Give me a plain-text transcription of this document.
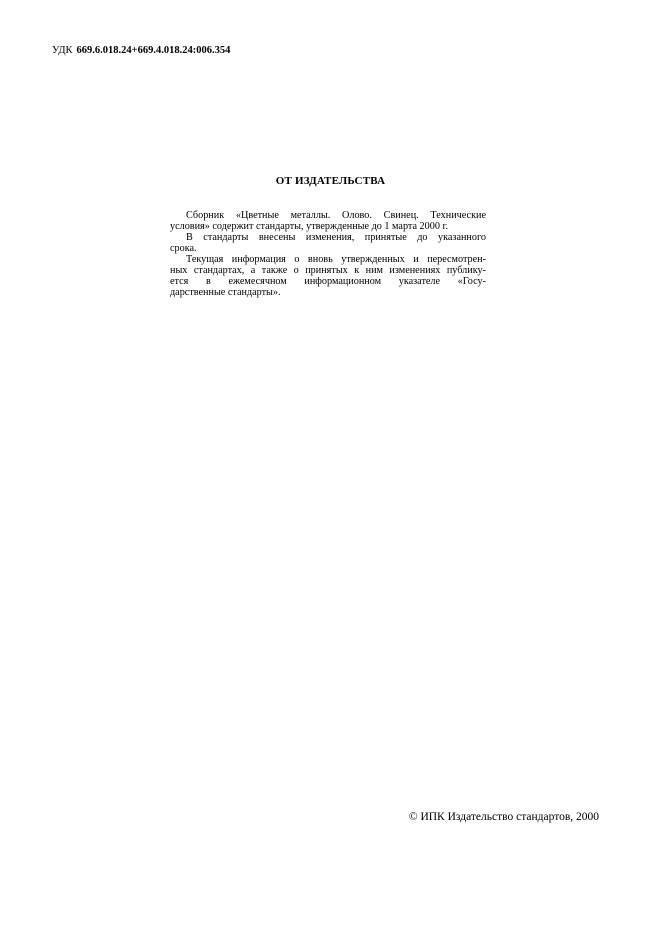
УДК 669.6.018.24+669.4.018.24:006.354
ОТ ИЗДАТЕЛЬСТВА
Сборник «Цветные металлы. Олово. Свинец. Технические
условия» содержит стандарты, утвержденные до 1 марта 2000 г.
В стандарты внесены изменения, принятые до указанного
срока.
Текущая информация о вновь утвержденных и пересмотрен-
ных стандартах, а также о принятых к ним изменениях публику-
ется в ежемесячном информационном указателе «Госу-
дарственные стандарты».
© ИПК Издательство стандартов, 2000
